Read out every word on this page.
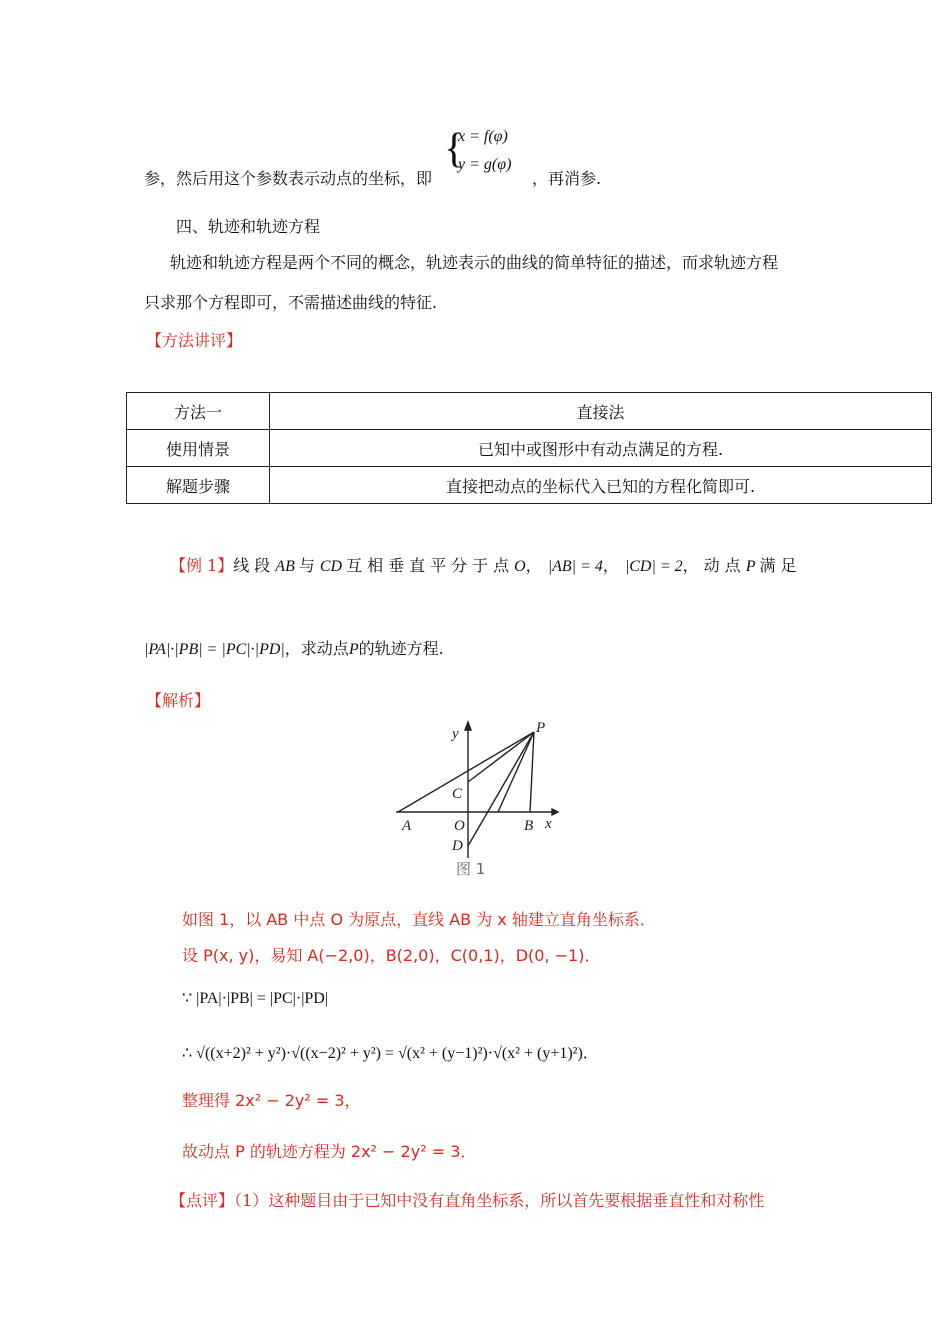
{
x = f(φ)
y = g(φ)
参，然后用这个参数表示动点的坐标，即	，再消参.
四、轨迹和轨迹方程
轨迹和轨迹方程是两个不同的概念，轨迹表示的曲线的简单特征的描述，而求轨迹方程
只求那个方程即可，不需描述曲线的特征.
【方法讲评】
方法一	直接法
使用情景	已知中或图形中有动点满足的方程.
解题步骤	直接把动点的坐标代入已知的方程化简即可.
【例 1】线段AB 与CD 互相垂直平分于点O， |AB| = 4， |CD| = 2，动点P 满足
|PA|·|PB| = |PC|·|PD|，求动点P的轨迹方程.
【解析】
y	P
C
A	O	B x
D
图 1
如图 1，以 AB 中点 O 为原点，直线 AB 为 x 轴建立直角坐标系．
设 P(x, y)，易知 A(−2,0)，B(2,0)，C(0,1)，D(0, −1)．
∵ |PA|·|PB| = |PC|·|PD|
∴ √((x+2)² + y²)·√((x−2)² + y²) = √(x² + (y−1)²)·√(x² + (y+1)²)．
整理得 2x² − 2y² = 3，
故动点 P 的轨迹方程为 2x² − 2y² = 3．
【点评】（1）这种题目由于已知中没有直角坐标系，所以首先要根据垂直性和对称性
